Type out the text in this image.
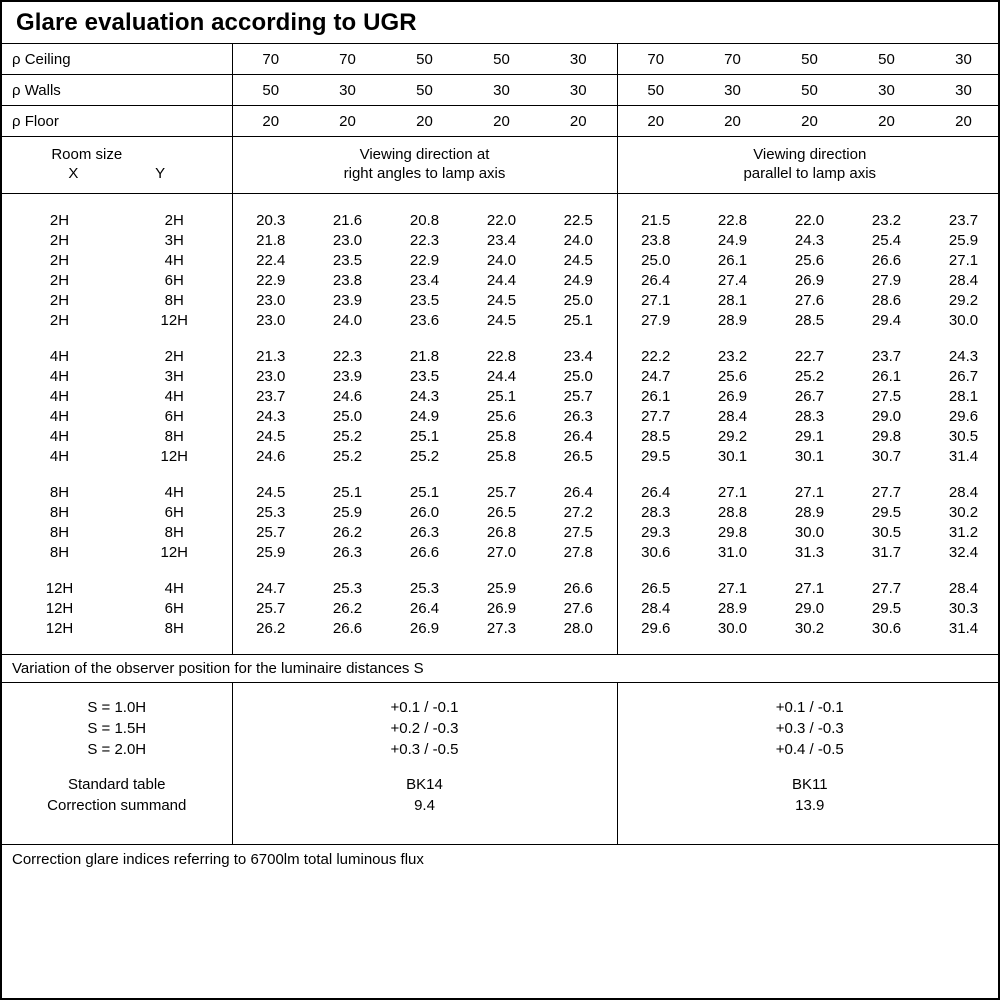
Glare evaluation according to UGR
ρ Ceiling	70	70	50	50	30	70	70	50	50	30
ρ Walls	50	30	50	30	30	50	30	50	30	30
ρ Floor	20	20	20	20	20	20	20	20	20	20
Room size
X	Y

Viewing direction at
right angles to lamp axis

Viewing direction
parallel to lamp axis

2H	2H	20.3	21.6	20.8	22.0	22.5	21.5	22.8	22.0	23.2	23.7
2H	3H	21.8	23.0	22.3	23.4	24.0	23.8	24.9	24.3	25.4	25.9
2H	4H	22.4	23.5	22.9	24.0	24.5	25.0	26.1	25.6	26.6	27.1
2H	6H	22.9	23.8	23.4	24.4	24.9	26.4	27.4	26.9	27.9	28.4
2H	8H	23.0	23.9	23.5	24.5	25.0	27.1	28.1	27.6	28.6	29.2
2H	12H	23.0	24.0	23.6	24.5	25.1	27.9	28.9	28.5	29.4	30.0

4H	2H	21.3	22.3	21.8	22.8	23.4	22.2	23.2	22.7	23.7	24.3
4H	3H	23.0	23.9	23.5	24.4	25.0	24.7	25.6	25.2	26.1	26.7
4H	4H	23.7	24.6	24.3	25.1	25.7	26.1	26.9	26.7	27.5	28.1
4H	6H	24.3	25.0	24.9	25.6	26.3	27.7	28.4	28.3	29.0	29.6
4H	8H	24.5	25.2	25.1	25.8	26.4	28.5	29.2	29.1	29.8	30.5
4H	12H	24.6	25.2	25.2	25.8	26.5	29.5	30.1	30.1	30.7	31.4

8H	4H	24.5	25.1	25.1	25.7	26.4	26.4	27.1	27.1	27.7	28.4
8H	6H	25.3	25.9	26.0	26.5	27.2	28.3	28.8	28.9	29.5	30.2
8H	8H	25.7	26.2	26.3	26.8	27.5	29.3	29.8	30.0	30.5	31.2
8H	12H	25.9	26.3	26.6	27.0	27.8	30.6	31.0	31.3	31.7	32.4

12H	4H	24.7	25.3	25.3	25.9	26.6	26.5	27.1	27.1	27.7	28.4
12H	6H	25.7	26.2	26.4	26.9	27.6	28.4	28.9	29.0	29.5	30.3
12H	8H	26.2	26.6	26.9	27.3	28.0	29.6	30.0	30.2	30.6	31.4

Variation of the observer position for the luminaire distances S

S = 1.0H	+0.1 / -0.1	+0.1 / -0.1
S = 1.5H	+0.2 / -0.3	+0.3 / -0.3
S = 2.0H	+0.3 / -0.5	+0.4 / -0.5

Standard table	BK14	BK11
Correction summand	9.4	13.9

Correction glare indices referring to 6700lm total luminous flux
